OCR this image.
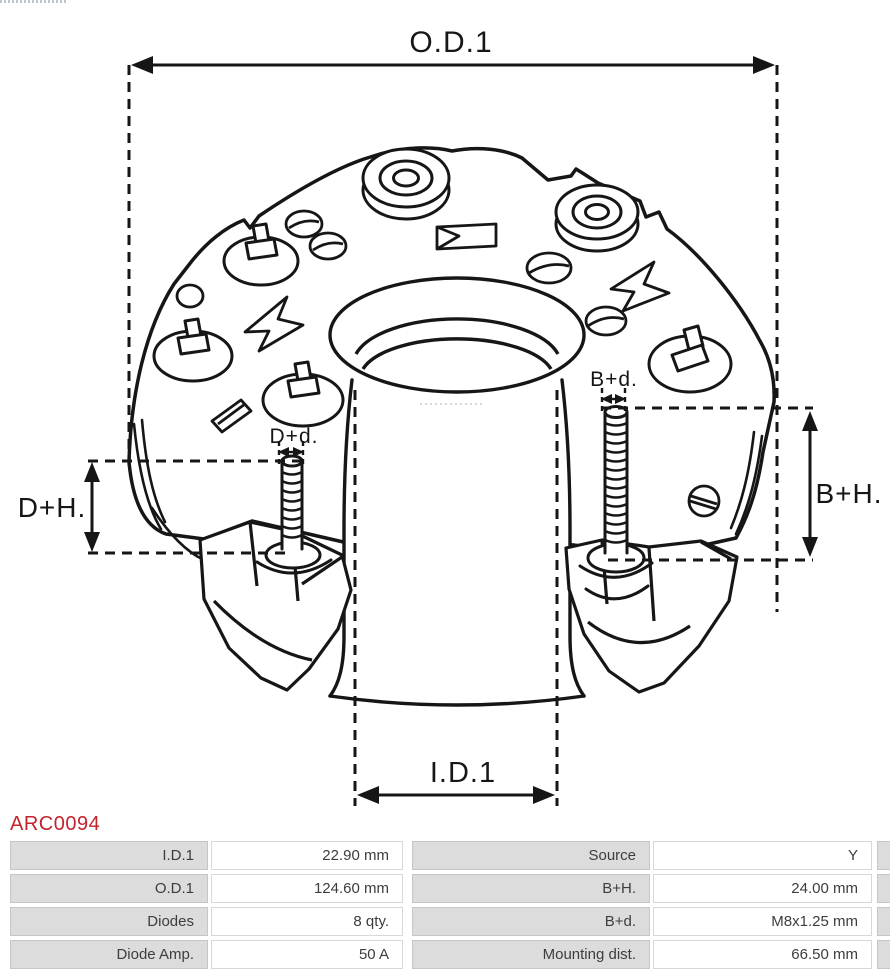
O.D.1
I.D.1
D+H.	B+H.
D+d.
B+d.
ARC0094
I.D.1	22.90 mm
O.D.1	124.60 mm
Diodes	8 qty.
Diode Amp.	50 A
Source	Y
B+H.	24.00 mm
B+d.	M8x1.25 mm
Mounting dist.	66.50 mm
